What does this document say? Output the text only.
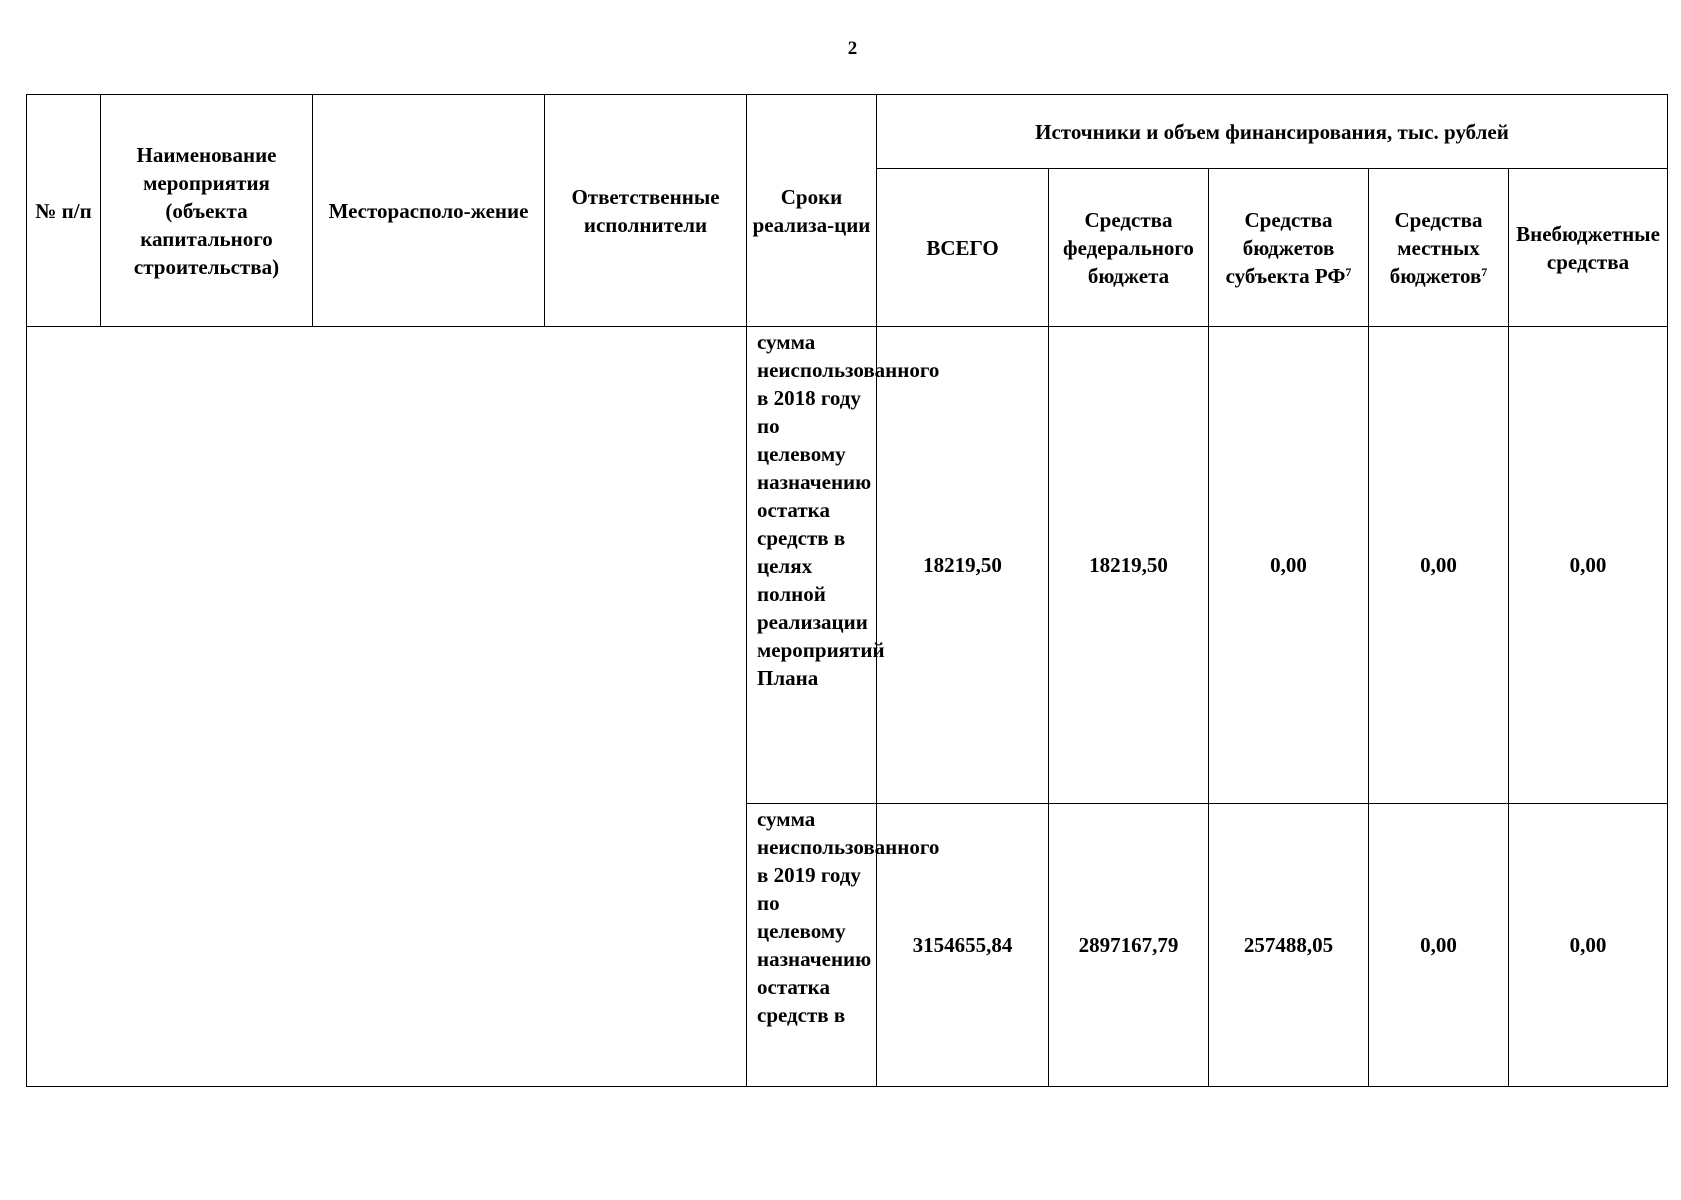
2
№ п/п	Наименование мероприятия (объекта капитального строительства)	Месторасполо-жение	Ответственные исполнители	Сроки реализа-ции	Источники и объем финансирования, тыс. рублей				
					ВСЕГО	Средства федерального бюджета	Средства бюджетов субъекта $РФ^7$	Средства местных бюджетов$^7$	Внебюджетные средства
				сумма неиспользованного в 2018 году по целевому назначению остатка средств в целях полной реализации мероприятий Плана	18219,50	18219,50	0,00	0,00	0,00
				сумма неиспользованного в 2019 году по целевому назначению остатка средств в	3154655,84	2897167,79	257488,05	0,00	0,00
